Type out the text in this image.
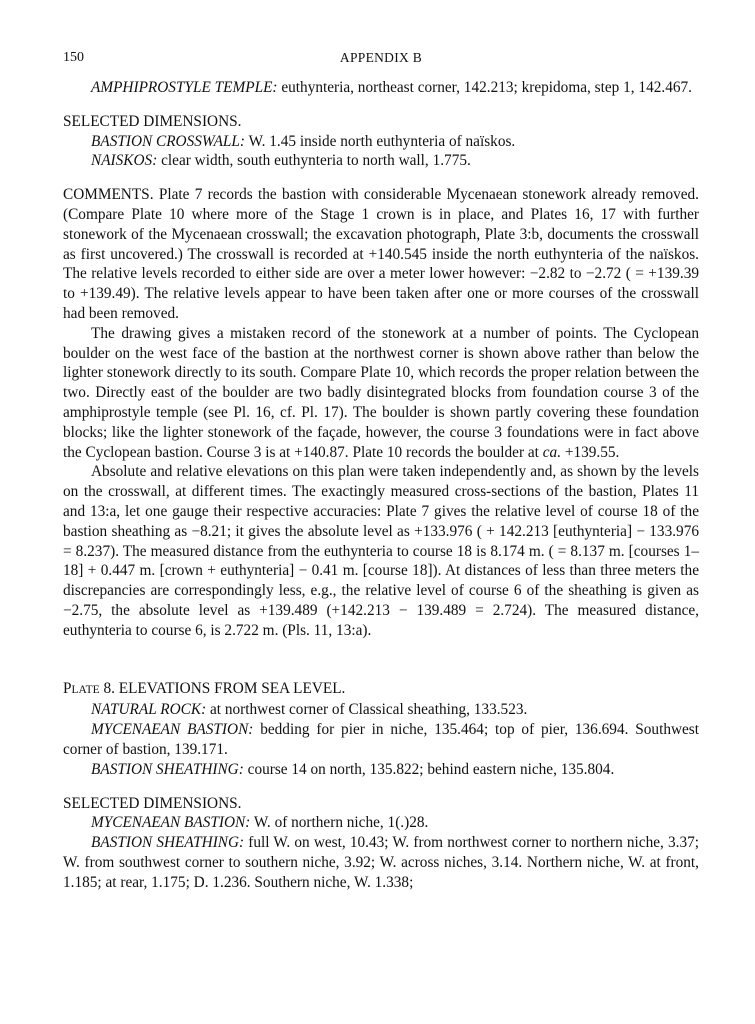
150	APPENDIX B

AMPHIPROSTYLE TEMPLE: euthynteria, northeast corner, 142.213; krepidoma, step 1, 142.467.

SELECTED DIMENSIONS.

BASTION CROSSWALL: W. 1.45 inside north euthynteria of naïskos.

NAISKOS: clear width, south euthynteria to north wall, 1.775.

COMMENTS. Plate 7 records the bastion with considerable Mycenaean stonework already removed. (Compare Plate 10 where more of the Stage 1 crown is in place, and Plates 16, 17 with further stonework of the Mycenaean crosswall; the excavation photograph, Plate 3:b, documents the crosswall as first uncovered.) The crosswall is recorded at +140.545 inside the north euthynteria of the naïskos. The relative levels recorded to either side are over a meter lower however: −2.82 to −2.72 ( = +139.39 to +139.49). The relative levels appear to have been taken after one or more courses of the crosswall had been removed.

The drawing gives a mistaken record of the stonework at a number of points. The Cyclopean boulder on the west face of the bastion at the northwest corner is shown above rather than below the lighter stonework directly to its south. Compare Plate 10, which records the proper relation between the two. Directly east of the boulder are two badly disintegrated blocks from foundation course 3 of the amphiprostyle temple (see Pl. 16, cf. Pl. 17). The boulder is shown partly covering these foundation blocks; like the lighter stonework of the façade, however, the course 3 foundations were in fact above the Cyclopean bastion. Course 3 is at +140.87. Plate 10 records the boulder at ca. +139.55.

Absolute and relative elevations on this plan were taken independently and, as shown by the levels on the crosswall, at different times. The exactingly measured cross-sections of the bastion, Plates 11 and 13:a, let one gauge their respective accuracies: Plate 7 gives the relative level of course 18 of the bastion sheathing as −8.21; it gives the absolute level as +133.976 ( + 142.213 [euthynteria] − 133.976 = 8.237). The measured distance from the euthynteria to course 18 is 8.174 m. ( = 8.137 m. [courses 1–18] + 0.447 m. [crown + euthynteria] − 0.41 m. [course 18]). At distances of less than three meters the discrepancies are correspondingly less, e.g., the relative level of course 6 of the sheathing is given as −2.75, the absolute level as +139.489 (+142.213 − 139.489 = 2.724). The measured distance, euthynteria to course 6, is 2.722 m. (Pls. 11, 13:a).

PLATE 8. ELEVATIONS FROM SEA LEVEL.

NATURAL ROCK: at northwest corner of Classical sheathing, 133.523.

MYCENAEAN BASTION: bedding for pier in niche, 135.464; top of pier, 136.694. Southwest corner of bastion, 139.171.

BASTION SHEATHING: course 14 on north, 135.822; behind eastern niche, 135.804.

SELECTED DIMENSIONS.

MYCENAEAN BASTION: W. of northern niche, 1(.)28.

BASTION SHEATHING: full W. on west, 10.43; W. from northwest corner to northern niche, 3.37; W. from southwest corner to southern niche, 3.92; W. across niches, 3.14. Northern niche, W. at front, 1.185; at rear, 1.175; D. 1.236. Southern niche, W. 1.338;
